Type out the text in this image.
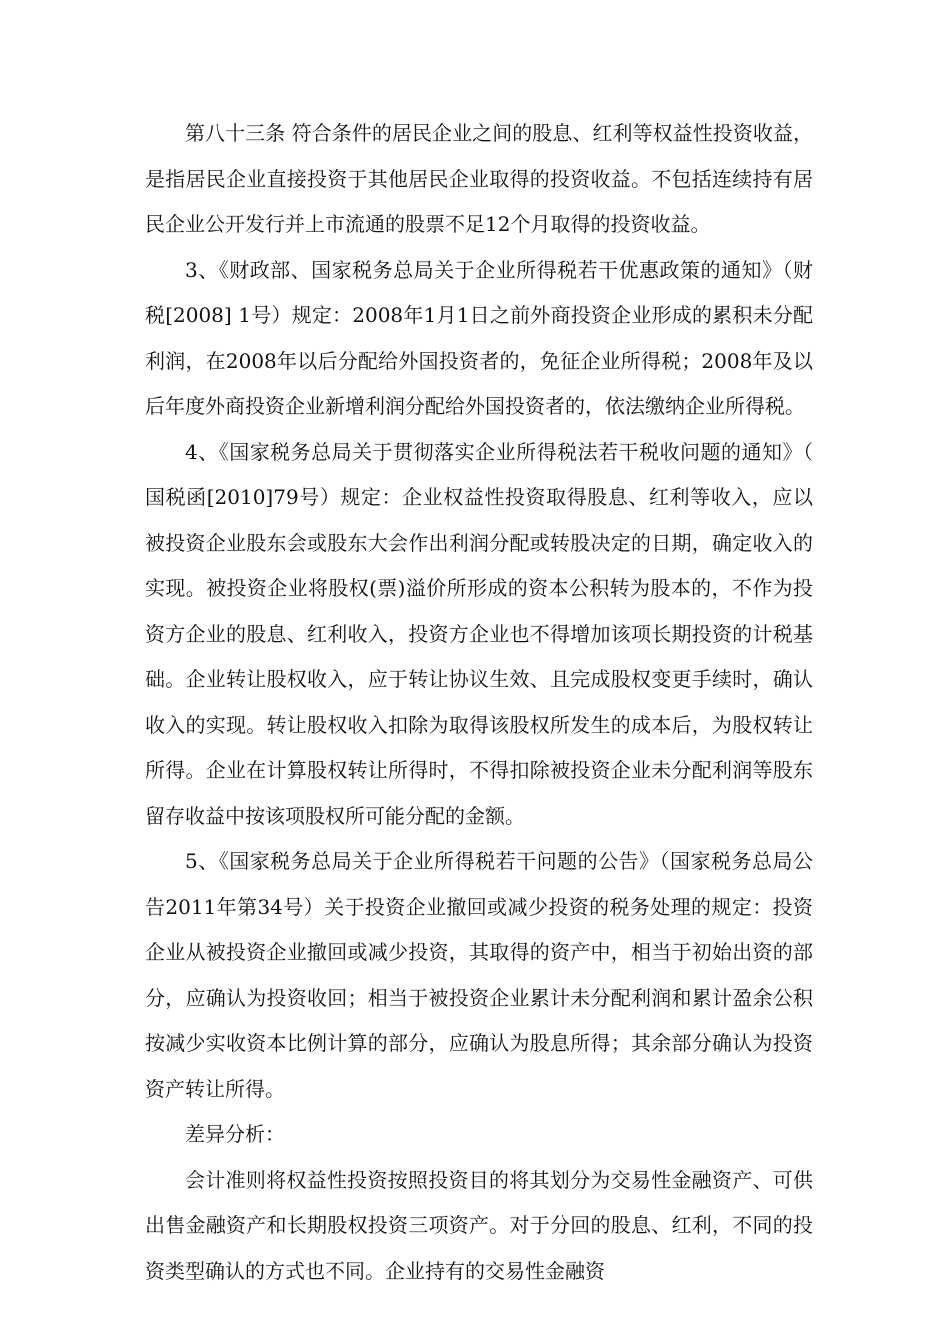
第八十三条 符合条件的居民企业之间的股息、红利等权益性投资收益，是指居民企业直接投资于其他居民企业取得的投资收益。不包括连续持有居民企业公开发行并上市流通的股票不足12个月取得的投资收益。

3、《财政部、国家税务总局关于企业所得税若干优惠政策的通知》（财税[2008] 1号）规定：2008年1月1日之前外商投资企业形成的累积未分配利润，在2008年以后分配给外国投资者的，免征企业所得税；2008年及以后年度外商投资企业新增利润分配给外国投资者的，依法缴纳企业所得税。

4、《国家税务总局关于贯彻落实企业所得税法若干税收问题的通知》（ 国税函[2010]79号）规定：企业权益性投资取得股息、红利等收入，应以被投资企业股东会或股东大会作出利润分配或转股决定的日期，确定收入的实现。被投资企业将股权(票)溢价所形成的资本公积转为股本的，不作为投资方企业的股息、红利收入，投资方企业也不得增加该项长期投资的计税基础。企业转让股权收入，应于转让协议生效、且完成股权变更手续时，确认收入的实现。转让股权收入扣除为取得该股权所发生的成本后，为股权转让所得。企业在计算股权转让所得时，不得扣除被投资企业未分配利润等股东留存收益中按该项股权所可能分配的金额。

5、《国家税务总局关于企业所得税若干问题的公告》（国家税务总局公告2011年第34号）关于投资企业撤回或减少投资的税务处理的规定：投资企业从被投资企业撤回或减少投资，其取得的资产中，相当于初始出资的部分，应确认为投资收回；相当于被投资企业累计未分配利润和累计盈余公积按减少实收资本比例计算的部分，应确认为股息所得；其余部分确认为投资资产转让所得。

差异分析：

会计准则将权益性投资按照投资目的将其划分为交易性金融资产、可供出售金融资产和长期股权投资三项资产。对于分回的股息、红利，不同的投资类型确认的方式也不同。企业持有的交易性金融资
